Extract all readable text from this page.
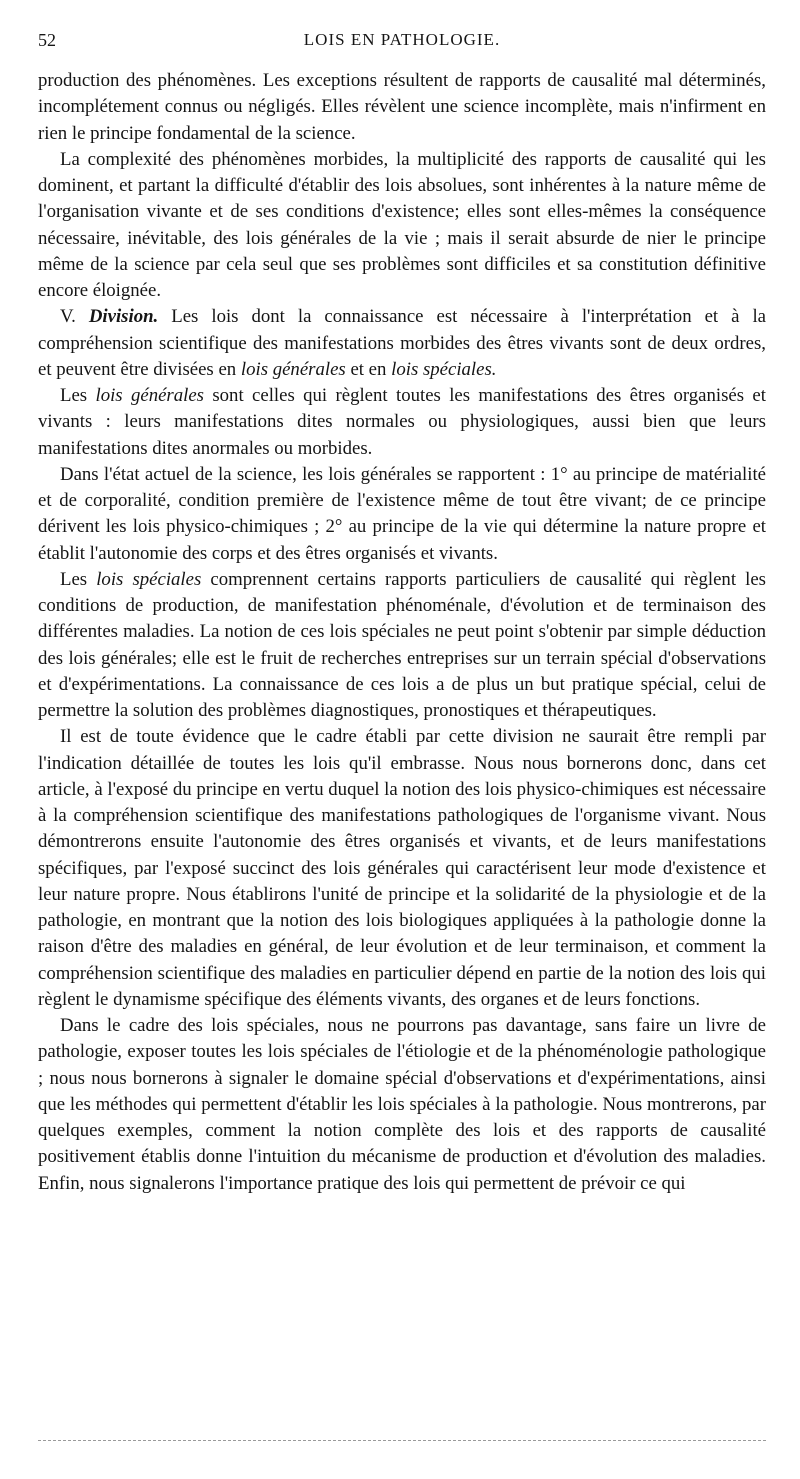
52	LOIS EN PATHOLOGIE.

production des phénomènes. Les exceptions résultent de rapports de causalité mal déterminés, incomplétement connus ou négligés. Elles révèlent une science incomplète, mais n'infirment en rien le principe fondamental de la science.

La complexité des phénomènes morbides, la multiplicité des rapports de causalité qui les dominent, et partant la difficulté d'établir des lois absolues, sont inhérentes à la nature même de l'organisation vivante et de ses conditions d'existence; elles sont elles-mêmes la conséquence nécessaire, inévitable, des lois générales de la vie ; mais il serait absurde de nier le principe même de la science par cela seul que ses problèmes sont difficiles et sa constitution définitive encore éloignée.

V. Division. Les lois dont la connaissance est nécessaire à l'interprétation et à la compréhension scientifique des manifestations morbides des êtres vivants sont de deux ordres, et peuvent être divisées en lois générales et en lois spéciales.

Les lois générales sont celles qui règlent toutes les manifestations des êtres organisés et vivants : leurs manifestations dites normales ou physiologiques, aussi bien que leurs manifestations dites anormales ou morbides.

Dans l'état actuel de la science, les lois générales se rapportent : 1° au principe de matérialité et de corporalité, condition première de l'existence même de tout être vivant; de ce principe dérivent les lois physico-chimiques ; 2° au principe de la vie qui détermine la nature propre et établit l'autonomie des corps et des êtres organisés et vivants.

Les lois spéciales comprennent certains rapports particuliers de causalité qui règlent les conditions de production, de manifestation phénoménale, d'évolution et de terminaison des différentes maladies. La notion de ces lois spéciales ne peut point s'obtenir par simple déduction des lois générales; elle est le fruit de recherches entreprises sur un terrain spécial d'observations et d'expérimentations. La connaissance de ces lois a de plus un but pratique spécial, celui de permettre la solution des problèmes diagnostiques, pronostiques et thérapeutiques.

Il est de toute évidence que le cadre établi par cette division ne saurait être rempli par l'indication détaillée de toutes les lois qu'il embrasse. Nous nous bornerons donc, dans cet article, à l'exposé du principe en vertu duquel la notion des lois physico-chimiques est nécessaire à la compréhension scientifique des manifestations pathologiques de l'organisme vivant. Nous démontrerons ensuite l'autonomie des êtres organisés et vivants, et de leurs manifestations spécifiques, par l'exposé succinct des lois générales qui caractérisent leur mode d'existence et leur nature propre. Nous établirons l'unité de principe et la solidarité de la physiologie et de la pathologie, en montrant que la notion des lois biologiques appliquées à la pathologie donne la raison d'être des maladies en général, de leur évolution et de leur terminaison, et comment la compréhension scientifique des maladies en particulier dépend en partie de la notion des lois qui règlent le dynamisme spécifique des éléments vivants, des organes et de leurs fonctions.

Dans le cadre des lois spéciales, nous ne pourrons pas davantage, sans faire un livre de pathologie, exposer toutes les lois spéciales de l'étiologie et de la phénoménologie pathologique ; nous nous bornerons à signaler le domaine spécial d'observations et d'expérimentations, ainsi que les méthodes qui permettent d'établir les lois spéciales à la pathologie. Nous montrerons, par quelques exemples, comment la notion complète des lois et des rapports de causalité positivement établis donne l'intuition du mécanisme de production et d'évolution des maladies. Enfin, nous signalerons l'importance pratique des lois qui permettent de prévoir ce qui
